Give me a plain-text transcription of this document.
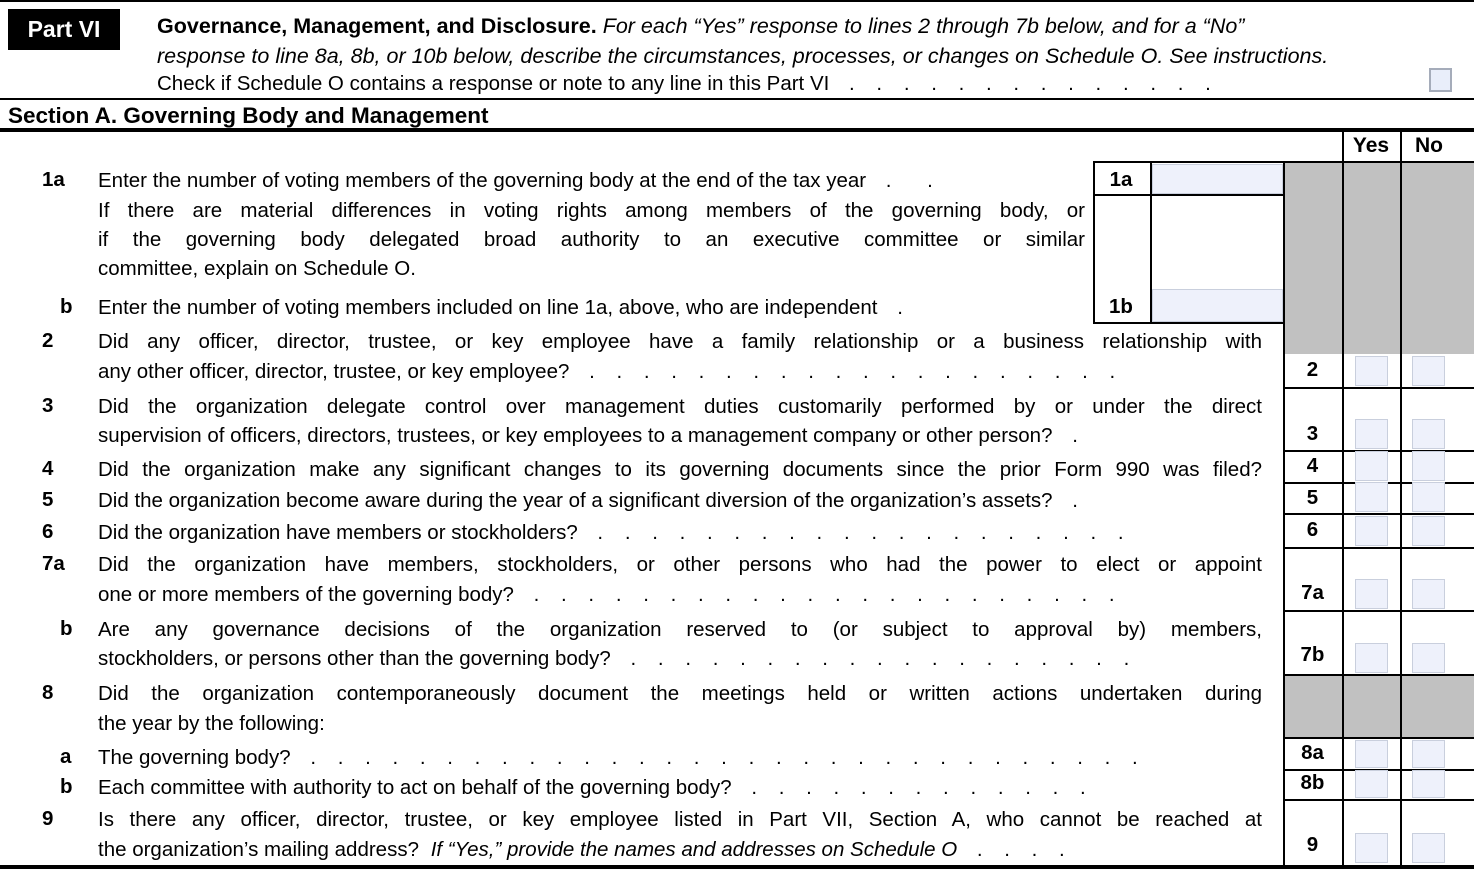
Part VI	Governance, Management, and Disclosure. For each “Yes” response to lines 2 through 7b below, and for a “No”
response to line 8a, 8b, or 10b below, describe the circumstances, processes, or changes on Schedule O. See instructions.
Check if Schedule O contains a response or note to any line in this Part VI . . . . . . . . . . . . . .
Section A. Governing Body and Management
Yes	No
1a
1b
2
3
4
5
6
7a
7b
8a
8b
9
1a Enter the number of voting members of the governing body at the end of the tax year . .
If there are material differences in voting rights among members of the governing body, or
if the governing body delegated broad authority to an executive committee or similar
committee, explain on Schedule O.
b Enter the number of voting members included on line 1a, above, who are independent .
2 Did any officer, director, trustee, or key employee have a family relationship or a business relationship with
any other officer, director, trustee, or key employee? . . . . . . . . . . . . . . . . . . . .
3 Did the organization delegate control over management duties customarily performed by or under the direct
supervision of officers, directors, trustees, or key employees to a management company or other person? .
4 Did the organization make any significant changes to its governing documents since the prior Form 990 was filed?
5 Did the organization become aware during the year of a significant diversion of the organization’s assets? .
6 Did the organization have members or stockholders? . . . . . . . . . . . . . . . . . . . .
7a Did the organization have members, stockholders, or other persons who had the power to elect or appoint
one or more members of the governing body? . . . . . . . . . . . . . . . . . . . . . .
b Are any governance decisions of the organization reserved to (or subject to approval by) members,
stockholders, or persons other than the governing body? . . . . . . . . . . . . . . . . . . .
8 Did the organization contemporaneously document the meetings held or written actions undertaken during
the year by the following:
a The governing body? . . . . . . . . . . . . . . . . . . . . . . . . . . . . . . .
b Each committee with authority to act on behalf of the governing body? . . . . . . . . . . . . .
9 Is there any officer, director, trustee, or key employee listed in Part VII, Section A, who cannot be reached at
the organization’s mailing address? If “Yes,” provide the names and addresses on Schedule O . . . .
